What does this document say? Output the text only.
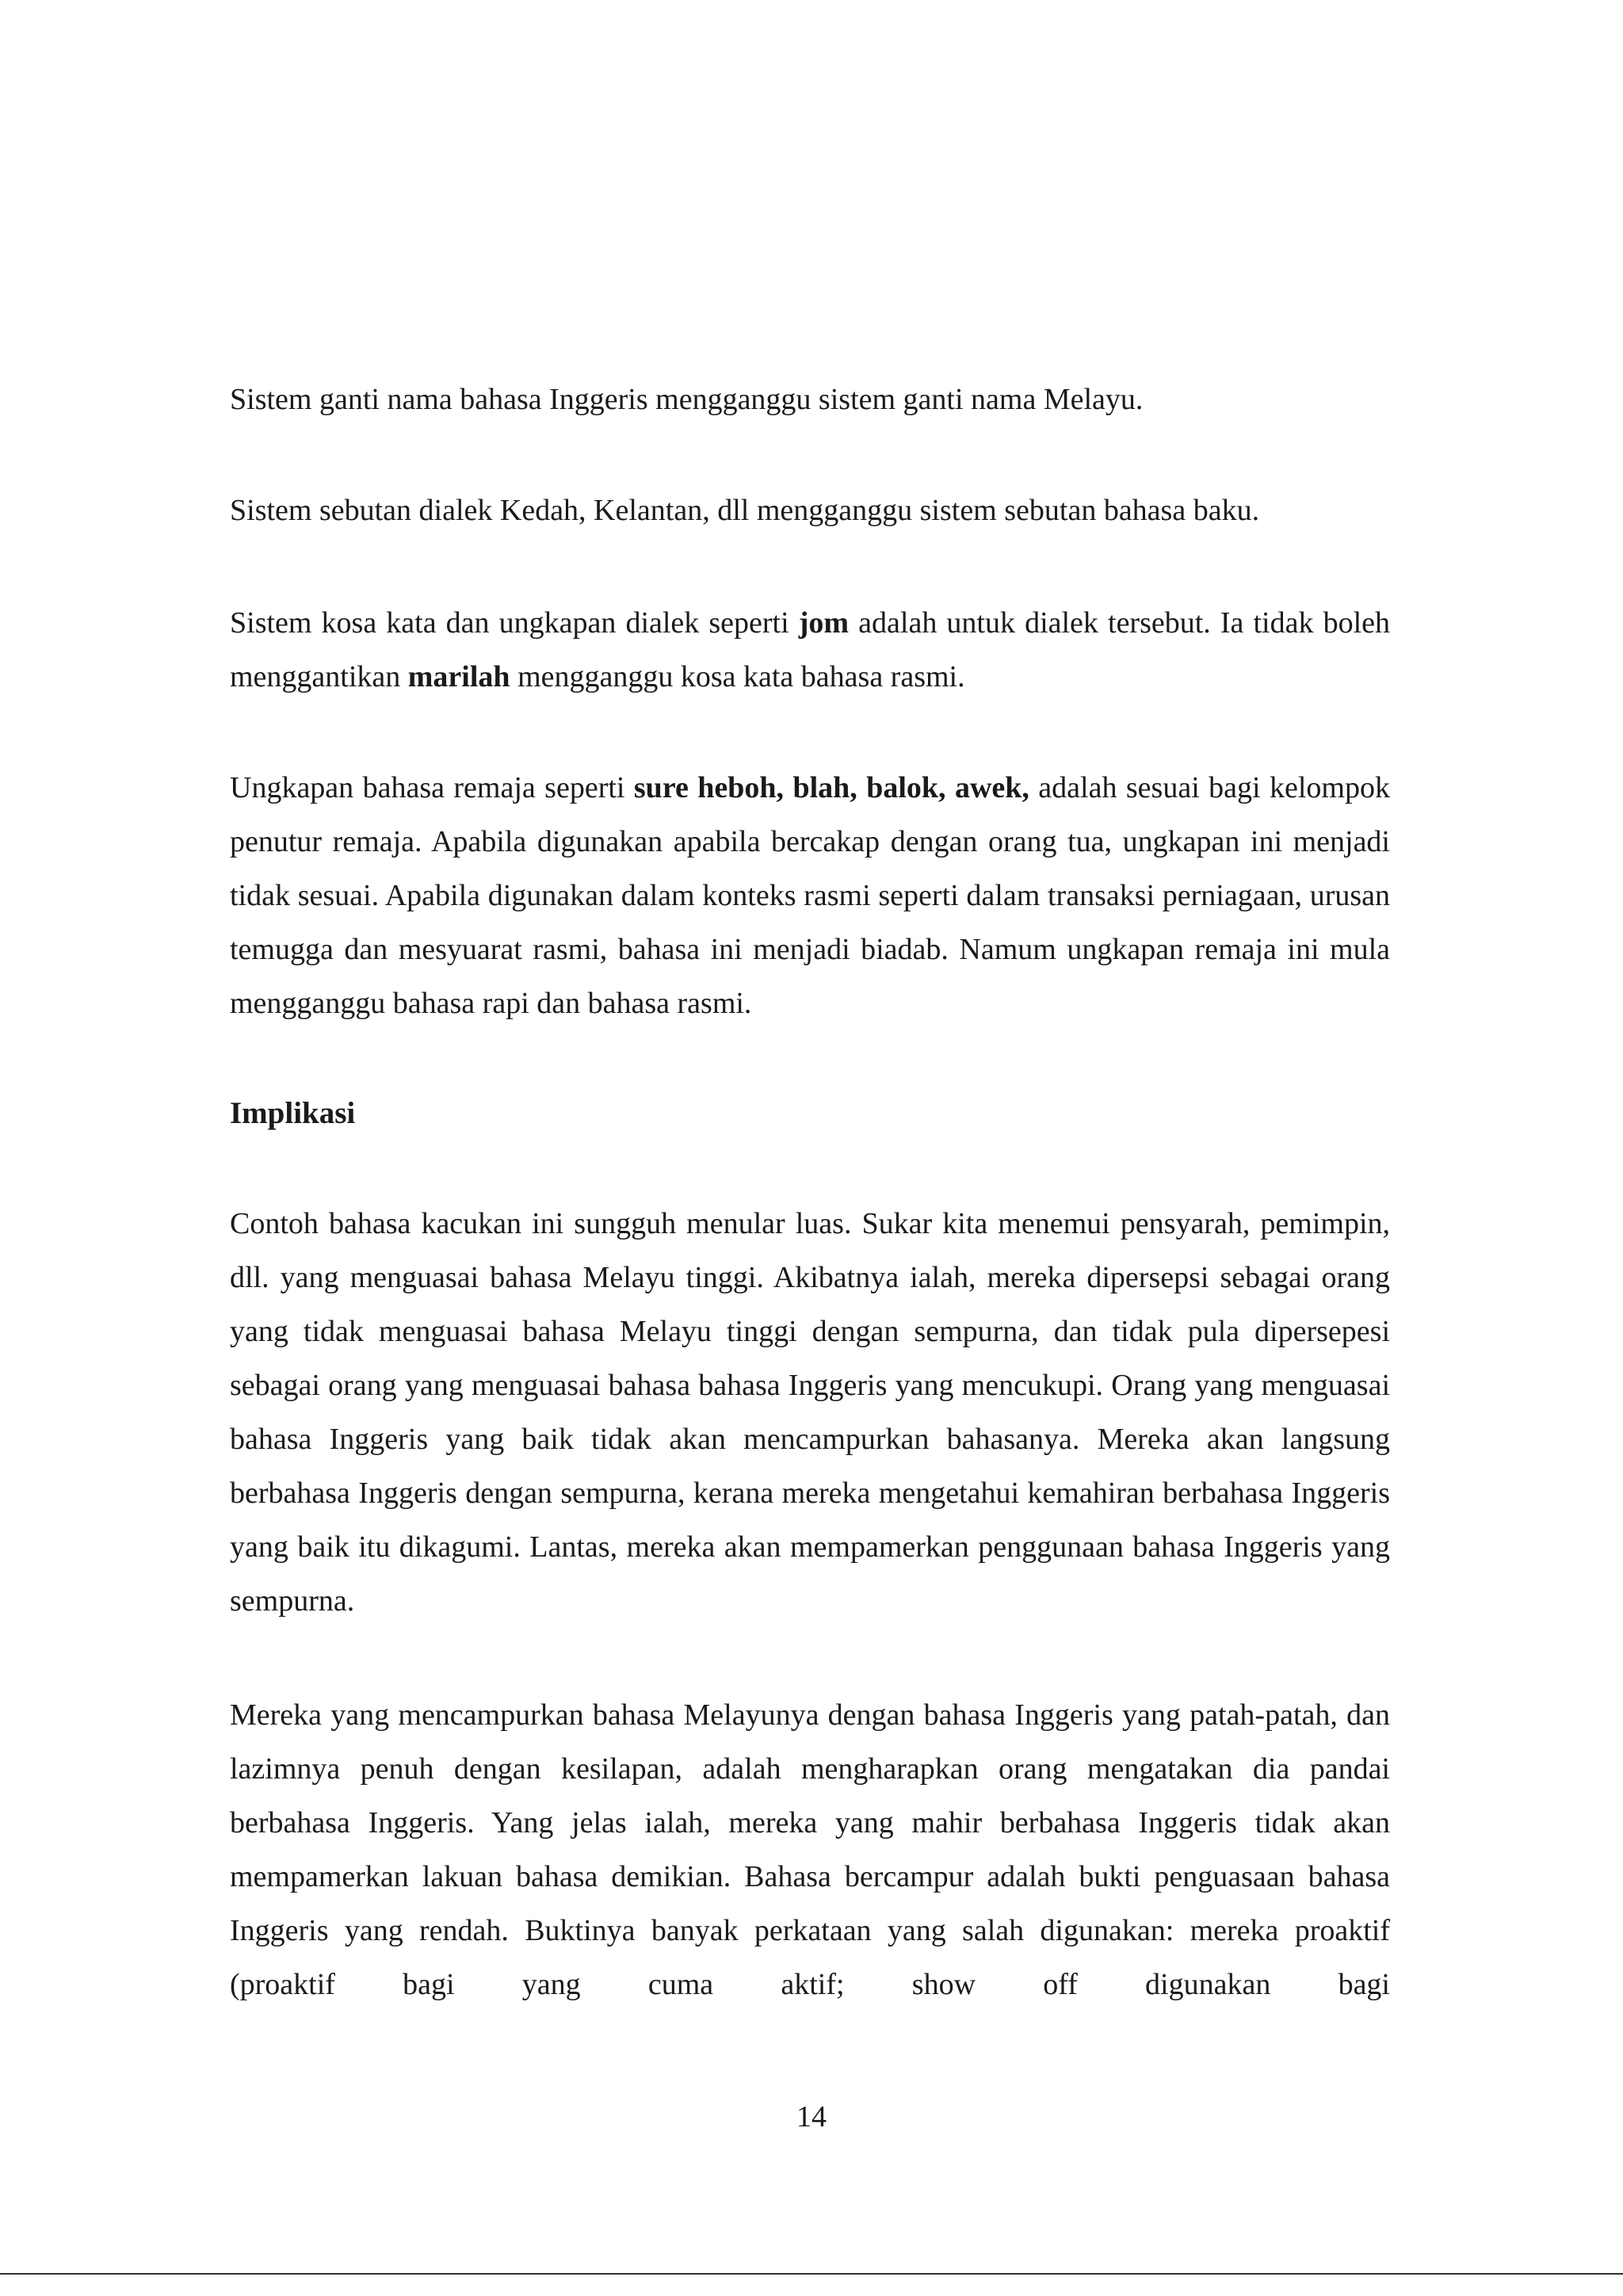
Sistem ganti nama bahasa Inggeris mengganggu sistem ganti nama Melayu.

Sistem sebutan dialek Kedah, Kelantan, dll mengganggu sistem sebutan bahasa baku.

Sistem kosa kata dan ungkapan dialek seperti jom adalah untuk dialek tersebut. Ia tidak boleh menggantikan marilah mengganggu kosa kata bahasa rasmi.

Ungkapan bahasa remaja seperti sure heboh, blah, balok, awek, adalah sesuai bagi kelompok penutur remaja. Apabila digunakan apabila bercakap dengan orang tua, ungkapan ini menjadi tidak sesuai. Apabila digunakan dalam konteks rasmi seperti dalam transaksi perniagaan, urusan temugga dan mesyuarat rasmi, bahasa ini menjadi biadab. Namum ungkapan remaja ini mula mengganggu bahasa rapi dan bahasa rasmi.

Implikasi

Contoh bahasa kacukan ini sungguh menular luas. Sukar kita menemui pensyarah, pemimpin, dll. yang menguasai bahasa Melayu tinggi. Akibatnya ialah, mereka dipersepsi sebagai orang yang tidak menguasai bahasa Melayu tinggi dengan sempurna, dan tidak pula dipersepesi sebagai orang yang menguasai bahasa bahasa Inggeris yang mencukupi. Orang yang menguasai bahasa Inggeris yang baik tidak akan mencampurkan bahasanya. Mereka akan langsung berbahasa Inggeris dengan sempurna, kerana mereka mengetahui kemahiran berbahasa Inggeris yang baik itu dikagumi. Lantas, mereka akan mempamerkan penggunaan bahasa Inggeris yang sempurna.

Mereka yang mencampurkan bahasa Melayunya dengan bahasa Inggeris yang patah-patah, dan lazimnya penuh dengan kesilapan, adalah mengharapkan orang mengatakan dia pandai berbahasa Inggeris. Yang jelas ialah, mereka yang mahir berbahasa Inggeris tidak akan mempamerkan lakuan bahasa demikian. Bahasa bercampur adalah bukti penguasaan bahasa Inggeris yang rendah. Buktinya banyak perkataan yang salah digunakan: mereka proaktif (proaktif bagi yang cuma aktif; show off digunakan bagi

14
